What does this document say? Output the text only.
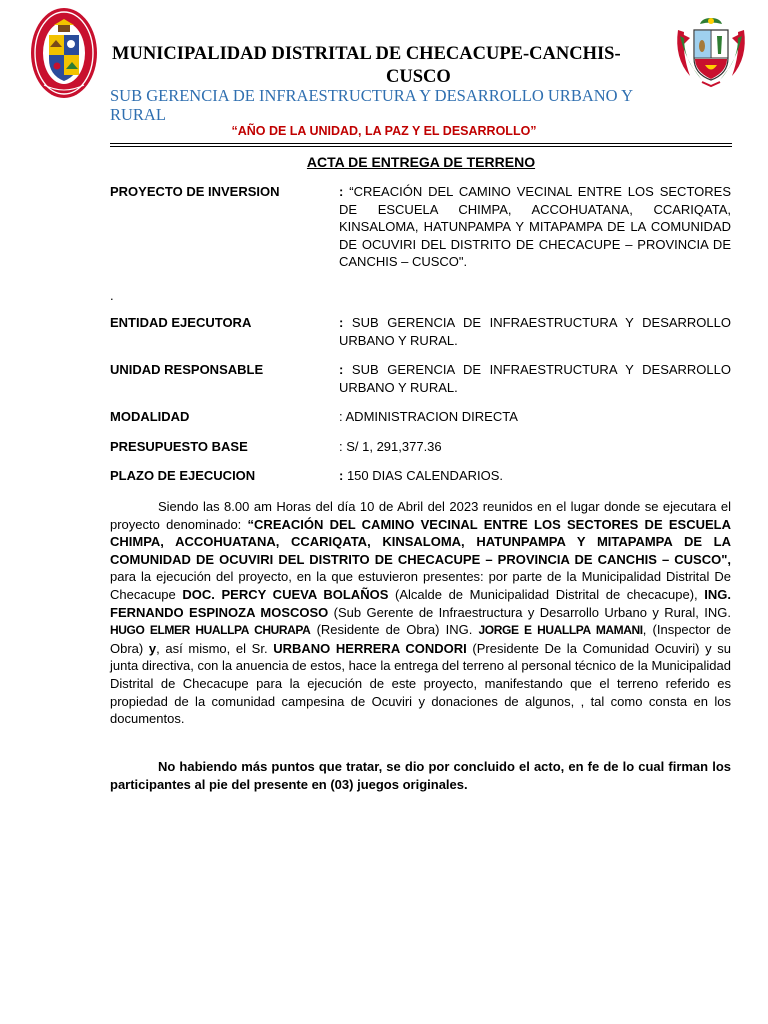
MUNICIPALIDAD DISTRITAL DE CHECACUPE-CANCHIS-
CUSCO
SUB GERENCIA DE INFRAESTRUCTURA Y DESARROLLO URBANO Y RURAL
“AÑO DE LA UNIDAD, LA PAZ Y EL DESARROLLO”
ACTA DE ENTREGA DE TERRENO
PROYECTO DE INVERSION	: “CREACIÓN DEL CAMINO VECINAL ENTRE LOS SECTORES DE ESCUELA CHIMPA, ACCOHUATANA, CCARIQATA, KINSALOMA, HATUNPAMPA Y MITAPAMPA DE LA COMUNIDAD DE OCUVIRI DEL DISTRITO DE CHECACUPE – PROVINCIA DE CANCHIS – CUSCO".
.
ENTIDAD EJECUTORA	: SUB GERENCIA DE INFRAESTRUCTURA Y DESARROLLO URBANO Y RURAL.
UNIDAD RESPONSABLE	: SUB GERENCIA DE INFRAESTRUCTURA Y DESARROLLO URBANO Y RURAL.
MODALIDAD	: ADMINISTRACION DIRECTA
PRESUPUESTO BASE	: S/ 1, 291,377.36
PLAZO DE EJECUCION	: 150 DIAS CALENDARIOS.
Siendo las 8.00 am Horas del día 10 de Abril del 2023 reunidos en el lugar donde se ejecutara el proyecto denominado: “CREACIÓN DEL CAMINO VECINAL ENTRE LOS SECTORES DE ESCUELA CHIMPA, ACCOHUATANA, CCARIQATA, KINSALOMA, HATUNPAMPA Y MITAPAMPA DE LA COMUNIDAD DE OCUVIRI DEL DISTRITO DE CHECACUPE – PROVINCIA DE CANCHIS – CUSCO", para la ejecución del proyecto, en la que estuvieron presentes: por parte de la Municipalidad Distrital De Checacupe DOC. PERCY CUEVA BOLAÑOS (Alcalde de Municipalidad Distrital de checacupe), ING. FERNANDO ESPINOZA MOSCOSO (Sub Gerente de Infraestructura y Desarrollo Urbano y Rural, ING. HUGO ELMER HUALLPA CHURAPA (Residente de Obra) ING. JORGE E HUALLPA MAMANI, (Inspector de Obra) y, así mismo, el Sr. URBANO HERRERA CONDORI (Presidente De la Comunidad Ocuviri) y su junta directiva, con la anuencia de estos, hace la entrega del terreno al personal técnico de la Municipalidad Distrital de Checacupe para la ejecución de este proyecto, manifestando que el terreno referido es propiedad de la comunidad campesina de Ocuviri y donaciones de algunos, , tal como consta en los documentos.
No habiendo más puntos que tratar, se dio por concluido el acto, en fe de lo cual firman los participantes al pie del presente en (03) juegos originales.
